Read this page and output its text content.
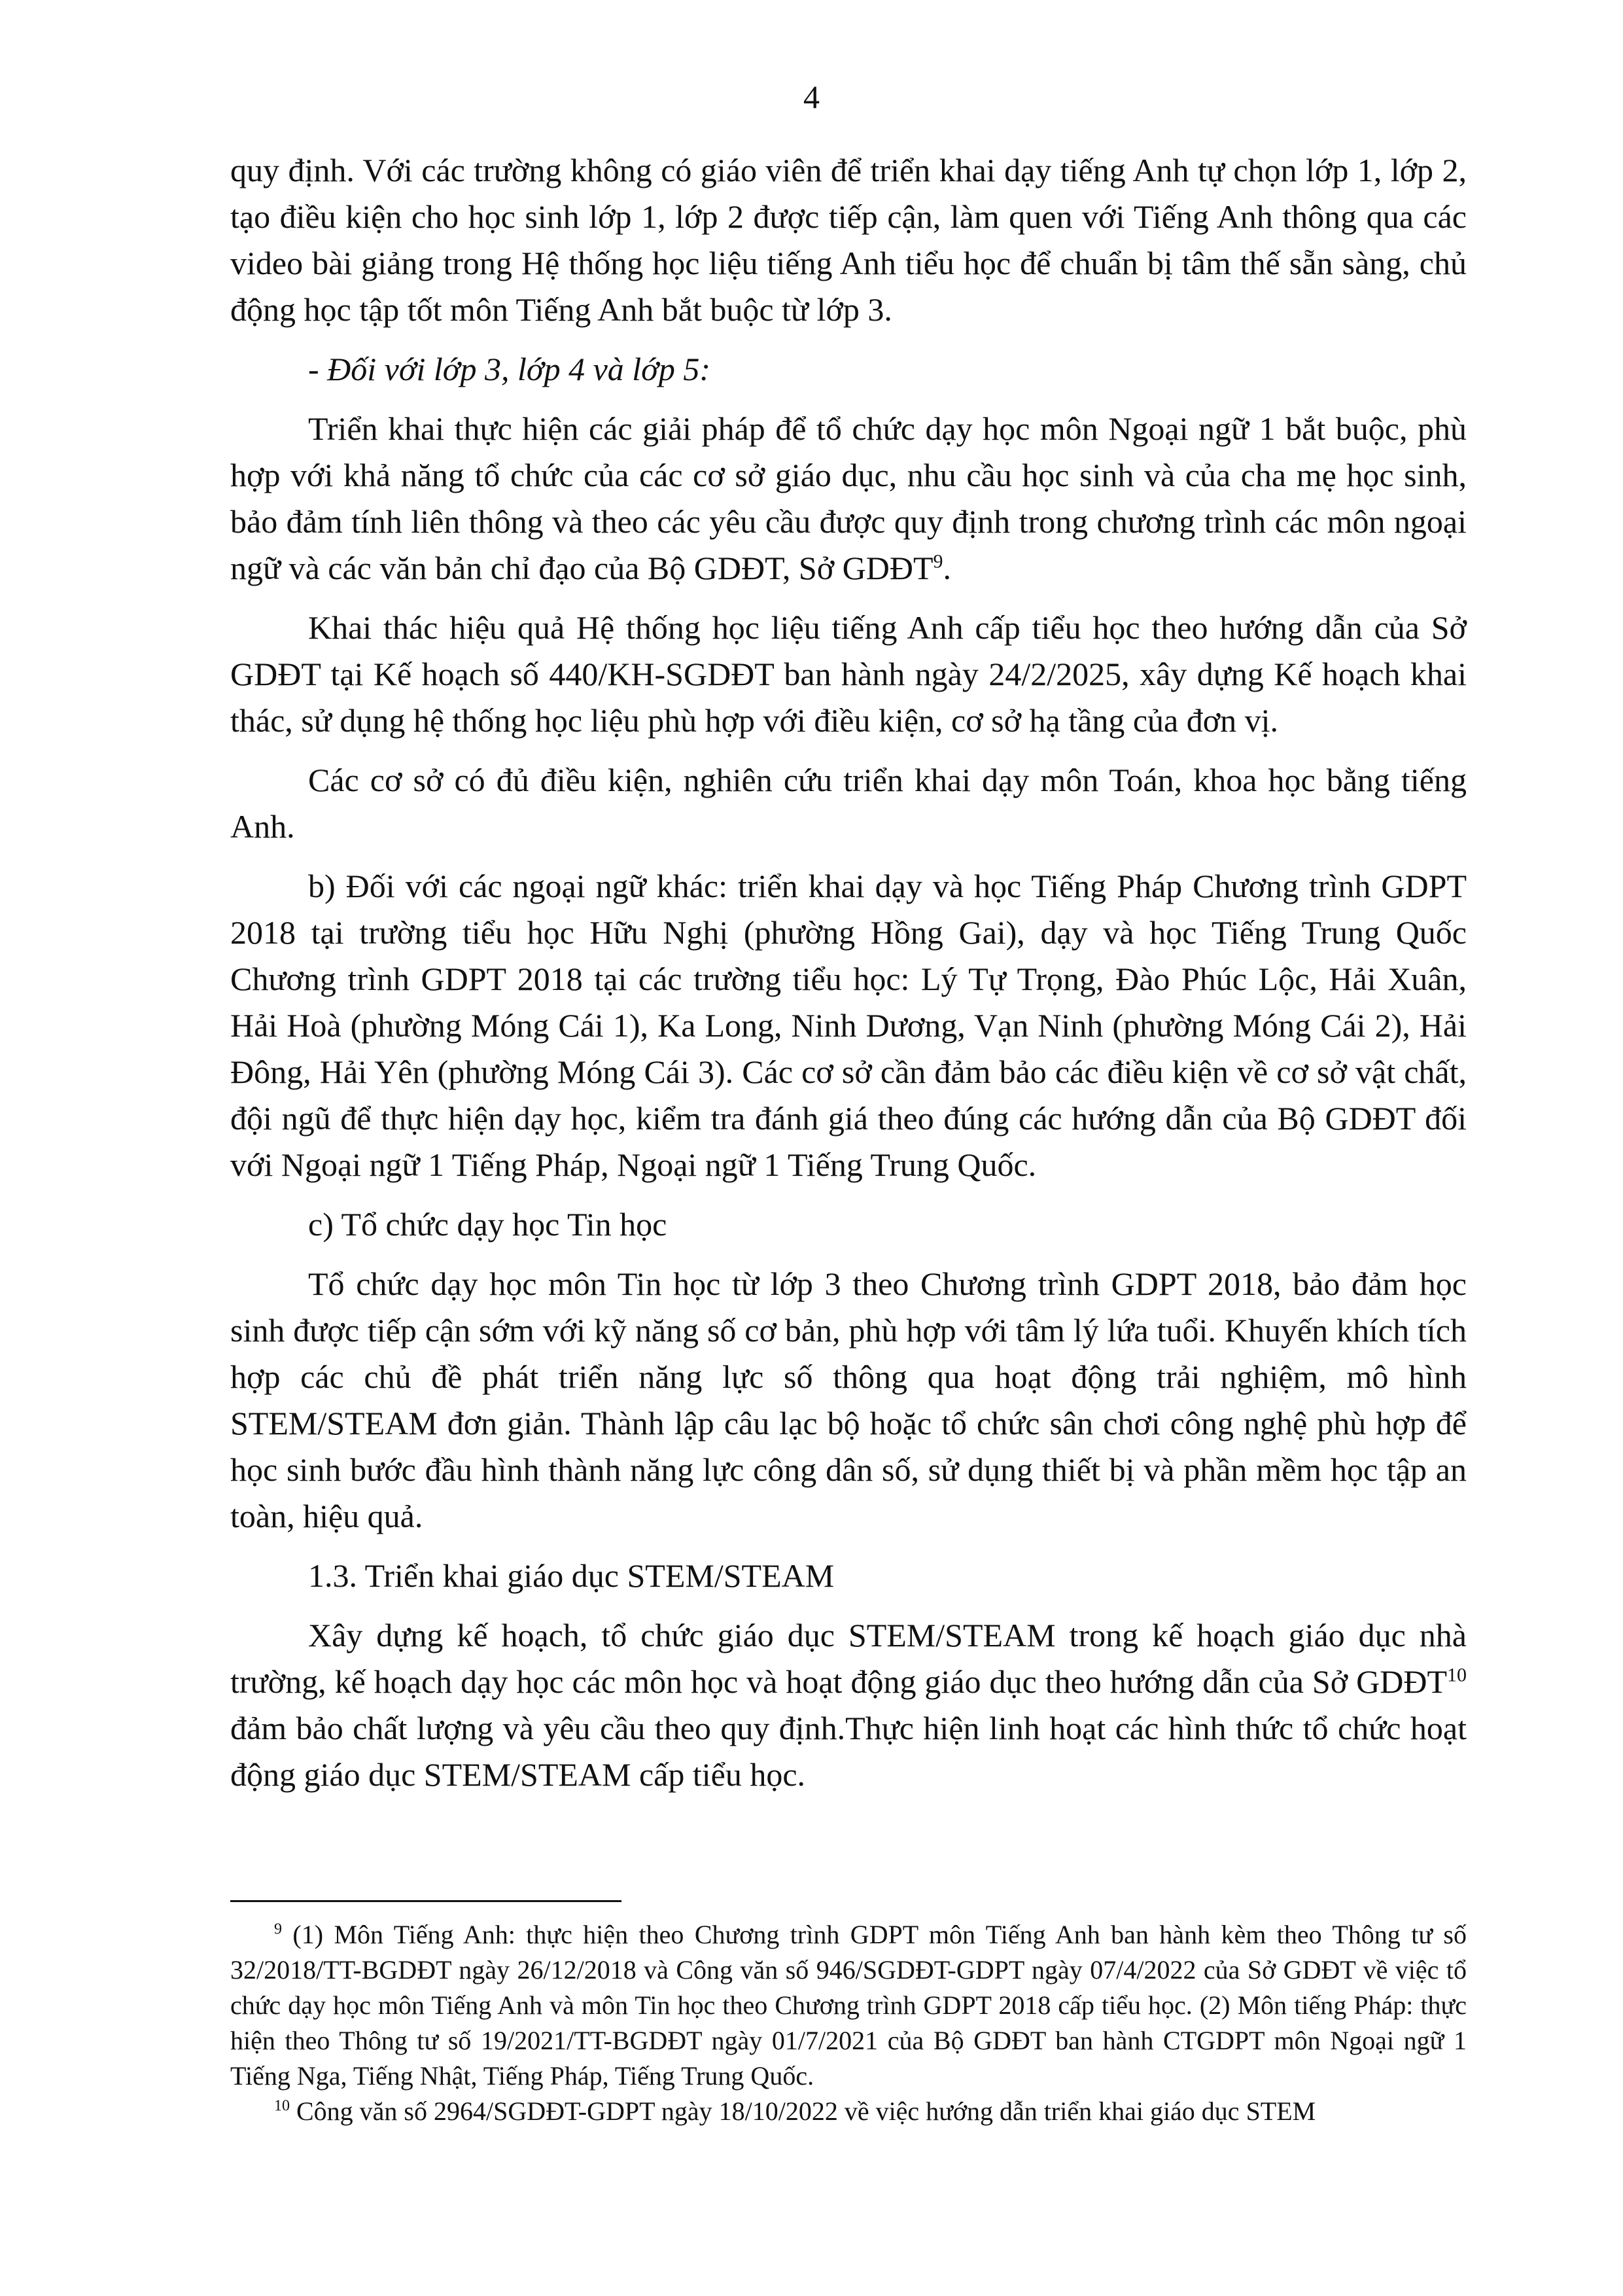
4

quy định. Với các trường không có giáo viên để triển khai dạy tiếng Anh tự chọn lớp 1, lớp 2, tạo điều kiện cho học sinh lớp 1, lớp 2 được tiếp cận, làm quen với Tiếng Anh thông qua các video bài giảng trong Hệ thống học liệu tiếng Anh tiểu học để chuẩn bị tâm thế sẵn sàng, chủ động học tập tốt môn Tiếng Anh bắt buộc từ lớp 3.

- Đối với lớp 3, lớp 4 và lớp 5:

Triển khai thực hiện các giải pháp để tổ chức dạy học môn Ngoại ngữ 1 bắt buộc, phù hợp với khả năng tổ chức của các cơ sở giáo dục, nhu cầu học sinh và của cha mẹ học sinh, bảo đảm tính liên thông và theo các yêu cầu được quy định trong chương trình các môn ngoại ngữ và các văn bản chỉ đạo của Bộ GDĐT, Sở GDĐT$^9$.

Khai thác hiệu quả Hệ thống học liệu tiếng Anh cấp tiểu học theo hướng dẫn của Sở GDĐT tại Kế hoạch số 440/KH-SGDĐT ban hành ngày 24/2/2025, xây dựng Kế hoạch khai thác, sử dụng hệ thống học liệu phù hợp với điều kiện, cơ sở hạ tầng của đơn vị.

Các cơ sở có đủ điều kiện, nghiên cứu triển khai dạy môn Toán, khoa học bằng tiếng Anh.

b) Đối với các ngoại ngữ khác: triển khai dạy và học Tiếng Pháp Chương trình GDPT 2018 tại trường tiểu học Hữu Nghị (phường Hồng Gai), dạy và học Tiếng Trung Quốc Chương trình GDPT 2018 tại các trường tiểu học: Lý Tự Trọng, Đào Phúc Lộc, Hải Xuân, Hải Hoà (phường Móng Cái 1), Ka Long, Ninh Dương, Vạn Ninh (phường Móng Cái 2), Hải Đông, Hải Yên (phường Móng Cái 3). Các cơ sở cần đảm bảo các điều kiện về cơ sở vật chất, đội ngũ để thực hiện dạy học, kiểm tra đánh giá theo đúng các hướng dẫn của Bộ GDĐT đối với Ngoại ngữ 1 Tiếng Pháp, Ngoại ngữ 1 Tiếng Trung Quốc.

c) Tổ chức dạy học Tin học

Tổ chức dạy học môn Tin học từ lớp 3 theo Chương trình GDPT 2018, bảo đảm học sinh được tiếp cận sớm với kỹ năng số cơ bản, phù hợp với tâm lý lứa tuổi. Khuyến khích tích hợp các chủ đề phát triển năng lực số thông qua hoạt động trải nghiệm, mô hình STEM/STEAM đơn giản. Thành lập câu lạc bộ hoặc tổ chức sân chơi công nghệ phù hợp để học sinh bước đầu hình thành năng lực công dân số, sử dụng thiết bị và phần mềm học tập an toàn, hiệu quả.

1.3. Triển khai giáo dục STEM/STEAM

Xây dựng kế hoạch, tổ chức giáo dục STEM/STEAM trong kế hoạch giáo dục nhà trường, kế hoạch dạy học các môn học và hoạt động giáo dục theo hướng dẫn của Sở GDĐT$^{10}$ đảm bảo chất lượng và yêu cầu theo quy định.Thực hiện linh hoạt các hình thức tổ chức hoạt động giáo dục STEM/STEAM cấp tiểu học.

$^9$ (1) Môn Tiếng Anh: thực hiện theo Chương trình GDPT môn Tiếng Anh ban hành kèm theo Thông tư số 32/2018/TT-BGDĐT ngày 26/12/2018 và Công văn số 946/SGDĐT-GDPT ngày 07/4/2022 của Sở GDĐT về việc tổ chức dạy học môn Tiếng Anh và môn Tin học theo Chương trình GDPT 2018 cấp tiểu học. (2) Môn tiếng Pháp: thực hiện theo Thông tư số 19/2021/TT-BGDĐT ngày 01/7/2021 của Bộ GDĐT ban hành CTGDPT môn Ngoại ngữ 1 Tiếng Nga, Tiếng Nhật, Tiếng Pháp, Tiếng Trung Quốc.

$^{10}$ Công văn số 2964/SGDĐT-GDPT ngày 18/10/2022 về việc hướng dẫn triển khai giáo dục STEM
